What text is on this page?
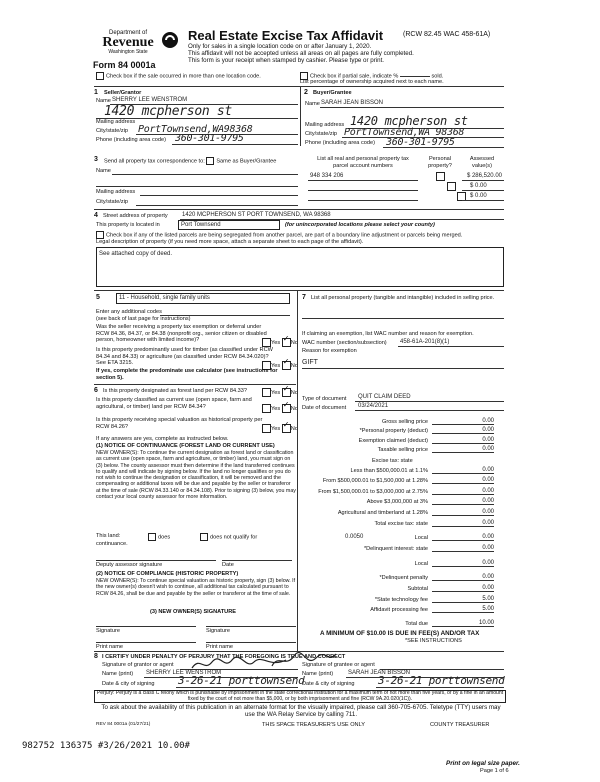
Department of
Revenue
Washington State
Form 84 0001a
Real Estate Excise Tax Affidavit	(RCW 82.45 WAC 458-61A)
Only for sales in a single location code on or after January 1, 2020.
This affidavit will not be accepted unless all areas on all pages are fully completed.
This form is your receipt when stamped by cashier. Please type or print.
Check box if the sale occurred in more than one location code.	Check box if partial sale, indicate %	sold.
List percentage of ownership acquired next to each name.
1 Seller/Grantor
Name SHERRY LEE WENSTROM
1420 mcpherson st
Mailing address
City/state/zip PortTownsend,WA98368
Phone (including area code) 360-301-9795
2 Buyer/Grantee
Name SARAH JEAN BISSON
Mailing address 1420 mcpherson st
City/state/zip PortTownsend,WA 98368
Phone (including area code) 360-301-9795
3 Send all property tax correspondence to: Same as Buyer/Grantee
Name
Mailing address
City/state/zip
List all real and personal property tax
parcel account numbers
Personal
property?
Assessed
value(s)
948 334 206
	$ 286,520.00
$ 0.00
$ 0.00
4 Street address of property 1420 MCPHERSON ST PORT TOWNSEND, WA 98368
This property is located in	Port Townsend	(for unincorporated locations please select your county)
Check box if any of the listed parcels are being segregated from another parcel, are part of a boundary line adjustment or parcels being merged.
Legal description of property (if you need more space, attach a separate sheet to each page of the affidavit).
See attached copy of deed.
5	11 - Household, single family units
Enter any additional codes
(see back of last page for instructions)
Was the seller receiving a property tax exemption or deferral under RCW 84.36, 84.37, or 84.38 (nonprofit org., senior citizen or disabled person, homeowner with limited income)?	Yes ✓ No
Is this property predominantly used for timber (as classified under RCW 84.34 and 84.33) or agriculture (as classified under RCW 84.34.020)? See ETA 3215.	Yes ✓ No
If yes, complete the predominate use calculator (see instructions for section 5).
6 Is this property designated as forest land per RCW 84.33?	Yes ✓ No
Is this property classified as current use (open space, farm and agricultural, or timber) land per RCW 84.34?	Yes ✓ No
Is this property receiving special valuation as historical property per RCW 84.26?	Yes ✓ No
If any answers are yes, complete as instructed below.
(1) NOTICE OF CONTINUANCE (FOREST LAND OR CURRENT USE)
NEW OWNER(S): To continue the current designation as forest land or classification as current use (open space, farm and agriculture, or timber) land, you must sign on (3) below. The county assessor must then determine if the land transferred continues to qualify and will indicate by signing below. If the land no longer qualifies or you do not wish to continue the designation or classification, it will be removed and the compensating or additional taxes will be due and payable by the seller or transferor at the time of sale (RCW 84.33.140 or 84.34.108). Prior to signing (3) below, you may contact your local county assessor for more information.
This land:	does	does not qualify for
continuance.
Deputy assessor signature	Date
(2) NOTICE OF COMPLIANCE (HISTORIC PROPERTY)
NEW OWNER(S): To continue special valuation as historic property, sign (3) below. If the new owner(s) doesn't wish to continue, all additional tax calculated pursuant to RCW 84.26, shall be due and payable by the seller or transferor at the time of sale.
(3) NEW OWNER(S) SIGNATURE
Signature	Signature
Print name	Print name
7 List all personal property (tangible and intangible) included in selling price.
If claiming an exemption, list WAC number and reason for exemption.
WAC number (section/subsection) 458-61A-201(8)(1)
Reason for exemption
GIFT
Type of document QUIT CLAIM DEED
Date of document 03/24/2021
Gross selling price	0.00
*Personal property (deduct)	0.00
Exemption claimed (deduct)	0.00
Taxable selling price	0.00
Excise tax: state
Less than $500,000.01 at 1.1%	0.00
From $500,000.01 to $1,500,000 at 1.28%	0.00
From $1,500,000.01 to $3,000,000 at 2.75%	0.00
Above $3,000,000 at 3%	0.00
Agricultural and timberland at 1.28%	0.00
Total excise tax: state	0.00
0.0050	Local	0.00
*Delinquent interest: state	0.00
Local	0.00
*Delinquent penalty	0.00
Subtotal	0.00
*State technology fee	5.00
Affidavit processing fee	5.00
Total due	10.00
A MINIMUM OF $10.00 IS DUE IN FEE(S) AND/OR TAX
*SEE INSTRUCTIONS
8 I CERTIFY UNDER PENALTY OF PERJURY THAT THE FOREGOING IS TRUE AND CORRECT
Signature of grantor or agent	Signature of grantee or agent
Name (print) SHERRY LEE WENSTROM	Name (print) SARAH JEAN BISSON
Date & city of signing 3-26-21 porttownsend
Date & city of signing 3-26-21 porttownsend
Perjury: Perjury is a class C felony which is punishable by imprisonment in the state correctional institution for a maximum term of not more than five years, or by a fine in an amount fixed by the court of not more than $5,000, or by both imprisonment and fine (RCW 9A.20.020(1C)).
To ask about the availability of this publication in an alternate format for the visually impaired, please call 360-705-6705. Teletype (TTY) users may use the WA Relay Service by calling 711.
REV 84 0001a (01/27/21)	THIS SPACE TREASURER'S USE ONLY	COUNTY TREASURER
982752 136375 #3/26/2021 10.00#
Print on legal size paper.
Page 1 of 6
